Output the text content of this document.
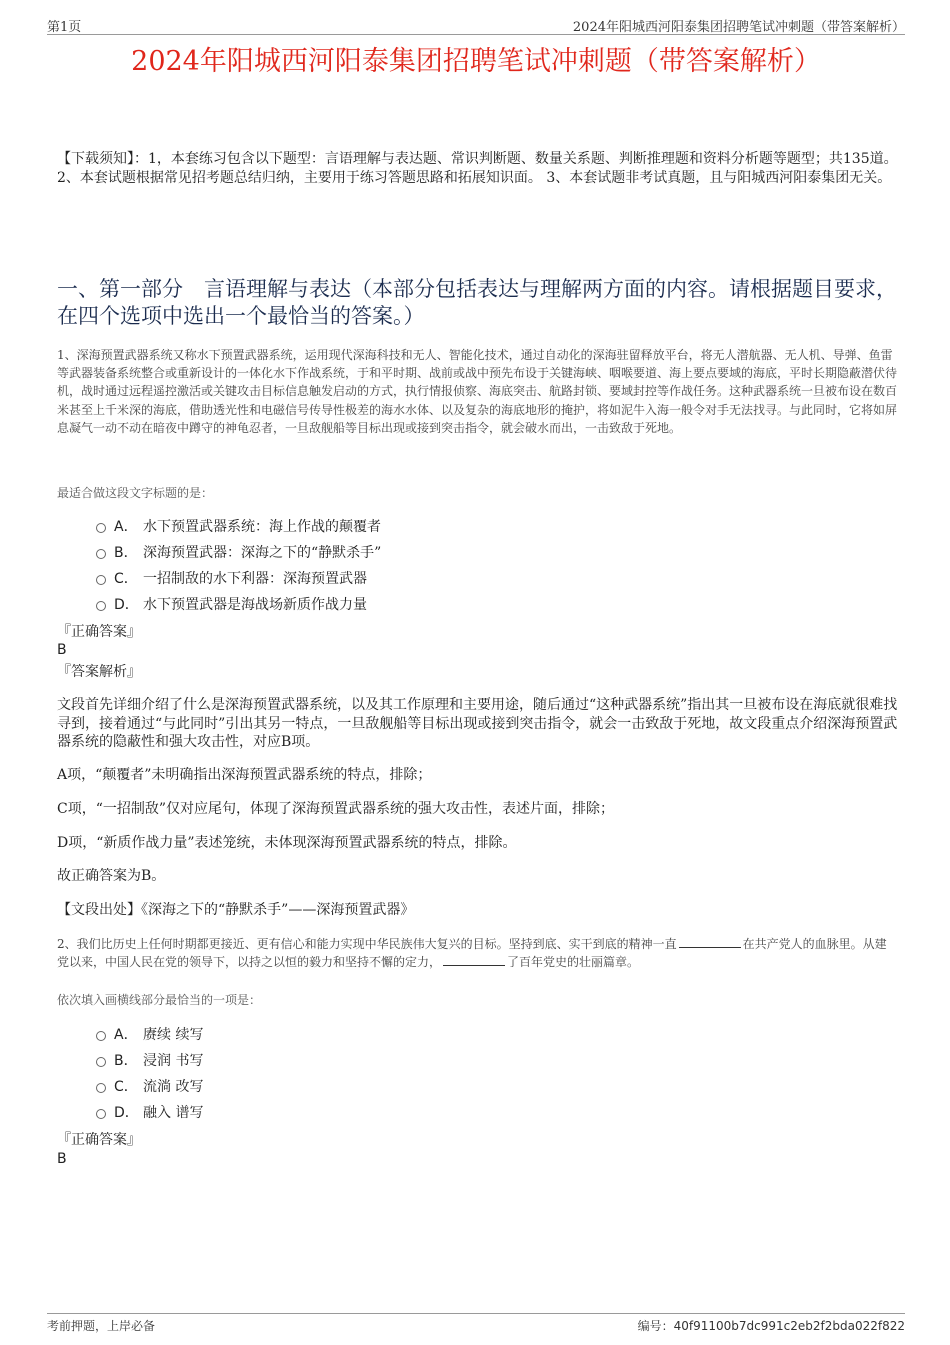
第1页	2024年阳城西河阳泰集团招聘笔试冲刺题（带答案解析）
2024年阳城西河阳泰集团招聘笔试冲刺题（带答案解析）
【下载须知】：1，本套练习包含以下题型：言语理解与表达题、常识判断题、数量关系题、判断推理题和资料分析题等题型；共135道。 2、本套试题根据常见招考题总结归纳，主要用于练习答题思路和拓展知识面。 3、本套试题非考试真题，且与阳城西河阳泰集团无关。
一、第一部分　言语理解与表达（本部分包括表达与理解两方面的内容。请根据题目要求，在四个选项中选出一个最恰当的答案。）
1、深海预置武器系统又称水下预置武器系统，运用现代深海科技和无人、智能化技术，通过自动化的深海驻留释放平台，将无人潜航器、无人机、导弹、鱼雷等武器装备系统整合或重新设计的一体化水下作战系统，于和平时期、战前或战中预先布设于关键海峡、咽喉要道、海上要点要域的海底，平时长期隐蔽潜伏待机，战时通过远程遥控激活或关键攻击目标信息触发启动的方式，执行情报侦察、海底突击、航路封锁、要域封控等作战任务。这种武器系统一旦被布设在数百米甚至上千米深的海底，借助透光性和电磁信号传导性极差的海水水体、以及复杂的海底地形的掩护，将如泥牛入海一般令对手无法找寻。与此同时，它将如屏息凝气一动不动在暗夜中蹲守的神龟忍者，一旦敌舰船等目标出现或接到突击指令，就会破水而出，一击致敌于死地。
最适合做这段文字标题的是：
A． 水下预置武器系统：海上作战的颠覆者
B． 深海预置武器：深海之下的“静默杀手”
C． 一招制敌的水下利器：深海预置武器
D． 水下预置武器是海战场新质作战力量
『正确答案』
B
『答案解析』
文段首先详细介绍了什么是深海预置武器系统，以及其工作原理和主要用途，随后通过“这种武器系统”指出其一旦被布设在海底就很难找寻到，接着通过“与此同时”引出其另一特点，一旦敌舰船等目标出现或接到突击指令，就会一击致敌于死地，故文段重点介绍深海预置武器系统的隐蔽性和强大攻击性，对应B项。
A项，“颠覆者”未明确指出深海预置武器系统的特点，排除；
C项，“一招制敌”仅对应尾句，体现了深海预置武器系统的强大攻击性，表述片面，排除；
D项，“新质作战力量”表述笼统，未体现深海预置武器系统的特点，排除。
故正确答案为B。
【文段出处】《深海之下的“静默杀手”——深海预置武器》
2、我们比历史上任何时期都更接近、更有信心和能力实现中华民族伟大复兴的目标。坚持到底、实干到底的精神一直	在共产党人的血脉里。从建党以来，中国人民在党的领导下，以持之以恒的毅力和坚持不懈的定力，	了百年党史的壮丽篇章。
依次填入画横线部分最恰当的一项是：
A． 赓续 续写
B． 浸润 书写
C． 流淌 改写
D． 融入 谱写
『正确答案』
B
考前押题，上岸必备	编号：40f91100b7dc991c2eb2f2bda022f822
